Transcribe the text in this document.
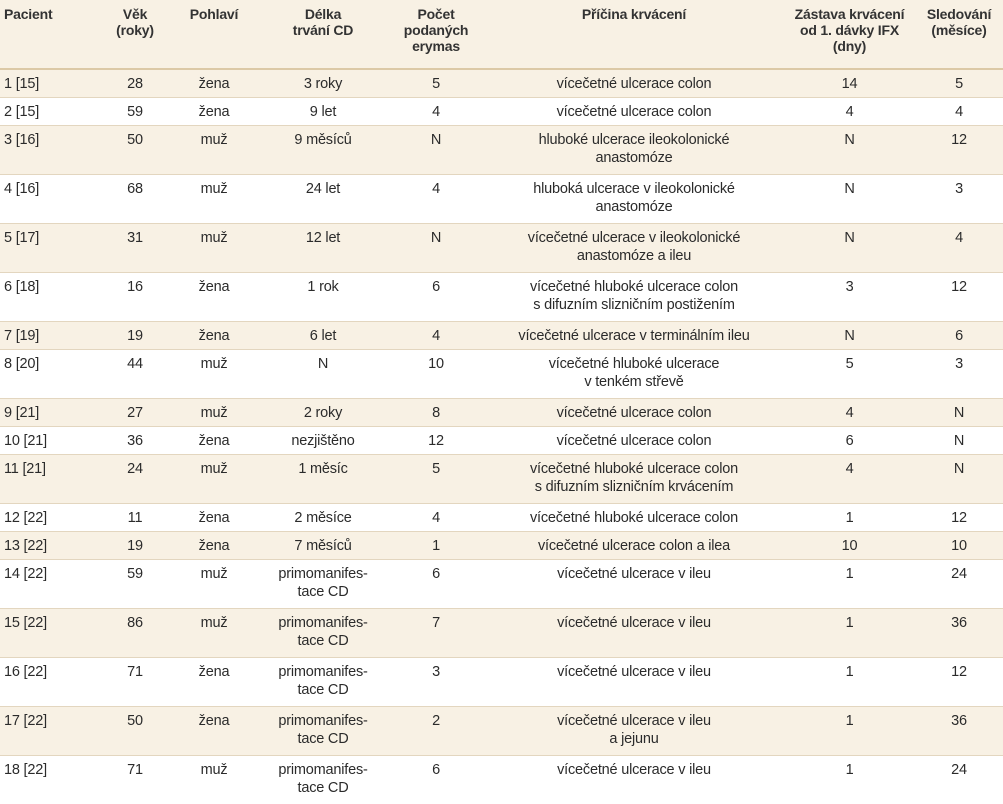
Pacient	Věk
(roky)	Pohlaví	Délka
trvání CD	Počet
podaných
erymas	Příčina krvácení	Zástava krvácení
od 1. dávky IFX
(dny)	Sledování
(měsíce)
1 [15]	28	žena	3 roky	5	vícečetné ulcerace colon	14	5
2 [15]	59	žena	9 let	4	vícečetné ulcerace colon	4	4
3 [16]	50	muž	9 měsíců	N	hluboké ulcerace ileokolonické
anastomóze	N	12
4 [16]	68	muž	24 let	4	hluboká ulcerace v ileokolonické
anastomóze	N	3
5 [17]	31	muž	12 let	N	vícečetné ulcerace v ileokolonické
anastomóze a ileu	N	4
6 [18]	16	žena	1 rok	6	vícečetné hluboké ulcerace colon
s difuzním slizničním postižením	3	12
7 [19]	19	žena	6 let	4	vícečetné ulcerace v terminálním ileu	N	6
8 [20]	44	muž	N	10	vícečetné hluboké ulcerace
v tenkém střevě	5	3
9 [21]	27	muž	2 roky	8	vícečetné ulcerace colon	4	N
10 [21]	36	žena	nezjištěno	12	vícečetné ulcerace colon	6	N
11 [21]	24	muž	1 měsíc	5	vícečetné hluboké ulcerace colon
s difuzním slizničním krvácením	4	N
12 [22]	11	žena	2 měsíce	4	vícečetné hluboké ulcerace colon	1	12
13 [22]	19	žena	7 měsíců	1	vícečetné ulcerace colon a ilea	10	10
14 [22]	59	muž	primomanifes-
tace CD	6	vícečetné ulcerace v ileu	1	24
15 [22]	86	muž	primomanifes-
tace CD	7	vícečetné ulcerace v ileu	1	36
16 [22]	71	žena	primomanifes-
tace CD	3	vícečetné ulcerace v ileu	1	12
17 [22]	50	žena	primomanifes-
tace CD	2	vícečetné ulcerace v ileu
a jejunu	1	36
18 [22]	71	muž	primomanifes-
tace CD	6	vícečetné ulcerace v ileu	1	24
